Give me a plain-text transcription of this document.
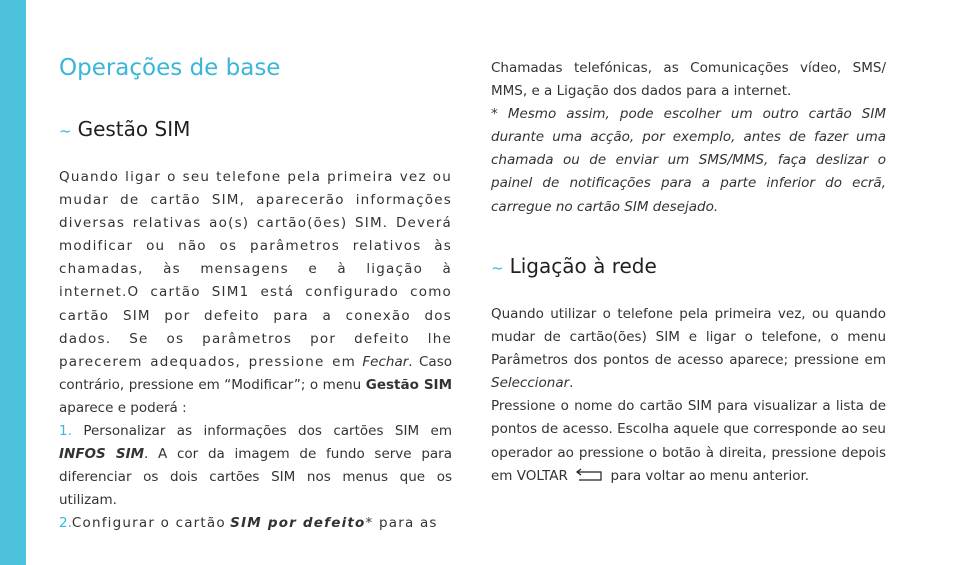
Operações de base
~ Gestão SIM

Quando ligar o seu telefone pela primeira vez ou mudar de cartão SIM, aparecerão informações diversas relativas ao(s) cartão(ões) SIM. Deverá modificar ou não os parâmetros relativos às chamadas, às mensagens e à ligação à internet.O cartão SIM1 está configurado como cartão SIM por defeito para a conexão dos dados. Se os parâmetros por defeito lhe parecerem adequados, pressione em Fechar. Caso contrário, pressione em “Modificar”; o menu Gestão SIM aparece e poderá :
1. Personalizar as informações dos cartões SIM em INFOS SIM. A cor da imagem de fundo serve para diferenciar os dois cartões SIM nos menus que os utilizam.
2.Configurar o cartão SIM por defeito* para as

Chamadas telefónicas, as Comunicações vídeo, SMS/ MMS, e a Ligação dos dados para a internet.
* Mesmo assim, pode escolher um outro cartão SIM durante uma acção, por exemplo, antes de fazer uma chamada ou de enviar um SMS/MMS, faça deslizar o painel de notificações para a parte inferior do ecrã, carregue no cartão SIM desejado.

~ Ligação à rede

Quando utilizar o telefone pela primeira vez, ou quando mudar de cartão(ões) SIM e ligar o telefone, o menu Parâmetros dos pontos de acesso aparece; pressione em Seleccionar.
Pressione o nome do cartão SIM para visualizar a lista de pontos de acesso. Escolha aquele que corresponde ao seu operador ao pressione o botão à direita, pressione depois em VOLTAR	para voltar ao menu anterior.
